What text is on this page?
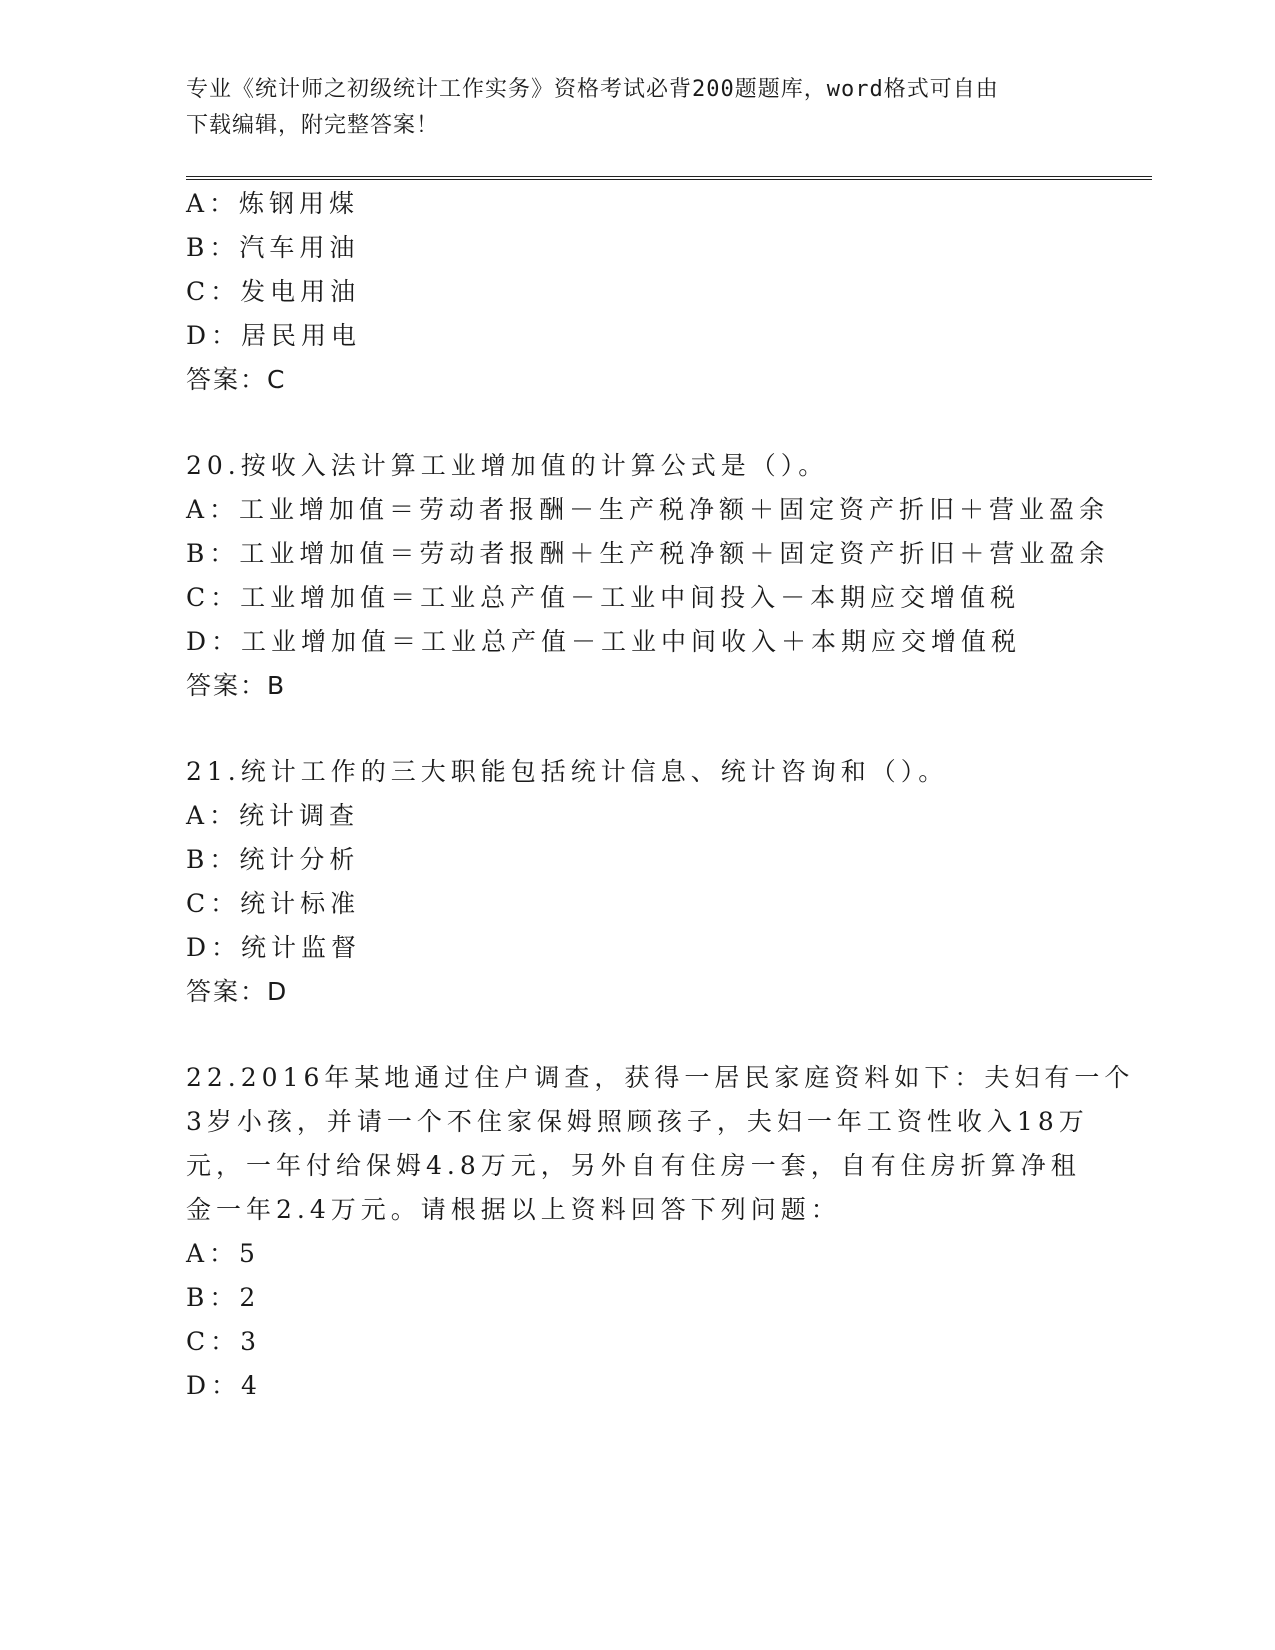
专业《统计师之初级统计工作实务》资格考试必背200题题库，word格式可自由
下载编辑，附完整答案！
A：炼钢用煤
B：汽车用油
C：发电用油
D：居民用电
答案：C
20.按收入法计算工业增加值的计算公式是（）。
A：工业增加值＝劳动者报酬－生产税净额＋固定资产折旧＋营业盈余
B：工业增加值＝劳动者报酬＋生产税净额＋固定资产折旧＋营业盈余
C：工业增加值＝工业总产值－工业中间投入－本期应交增值税
D：工业增加值＝工业总产值－工业中间收入＋本期应交增值税
答案：B
21.统计工作的三大职能包括统计信息、统计咨询和（）。
A：统计调查
B：统计分析
C：统计标准
D：统计监督
答案：D
22.2016年某地通过住户调查，获得一居民家庭资料如下：夫妇有一个
3岁小孩，并请一个不住家保姆照顾孩子，夫妇一年工资性收入18万
元，一年付给保姆4.8万元，另外自有住房一套，自有住房折算净租
金一年2.4万元。请根据以上资料回答下列问题：
A：5
B：2
C：3
D：4
